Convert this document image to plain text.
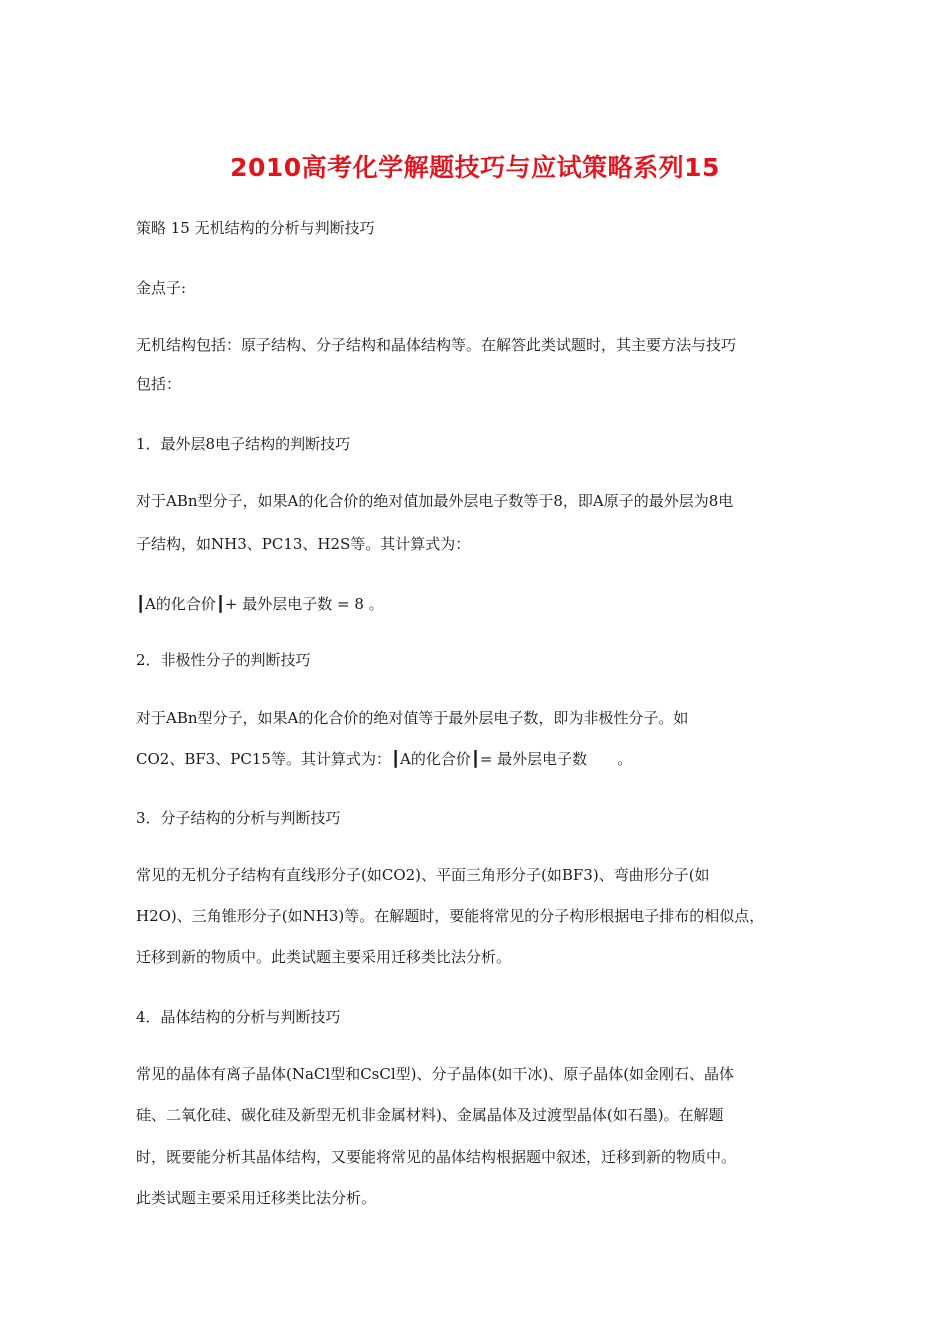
2010高考化学解题技巧与应试策略系列15
策略 15 无机结构的分析与判断技巧
金点子:
无机结构包括：原子结构、分子结构和晶体结构等。在解答此类试题时，其主要方法与技巧
包括：
1．最外层8电子结构的判断技巧
对于ABn型分子，如果A的化合价的绝对值加最外层电子数等于8，即A原子的最外层为8电
子结构，如NH3、PC13、H2S等。其计算式为：
┃A的化合价┃+ 最外层电子数 = 8 。
2．非极性分子的判断技巧
对于ABn型分子，如果A的化合价的绝对值等于最外层电子数，即为非极性分子。如
CO2、BF3、PC15等。其计算式为：┃A的化合价┃= 最外层电子数 。
3．分子结构的分析与判断技巧
常见的无机分子结构有直线形分子(如CO2)、平面三角形分子(如BF3)、弯曲形分子(如
H2O)、三角锥形分子(如NH3)等。在解题时，要能将常见的分子构形根据电子排布的相似点，
迁移到新的物质中。此类试题主要采用迁移类比法分析。
4．晶体结构的分析与判断技巧
常见的晶体有离子晶体(NaCl型和CsCl型)、分子晶体(如干冰)、原子晶体(如金刚石、晶体
硅、二氧化硅、碳化硅及新型无机非金属材料)、金属晶体及过渡型晶体(如石墨)。在解题
时，既要能分析其晶体结构，又要能将常见的晶体结构根据题中叙述，迁移到新的物质中。
此类试题主要采用迁移类比法分析。
